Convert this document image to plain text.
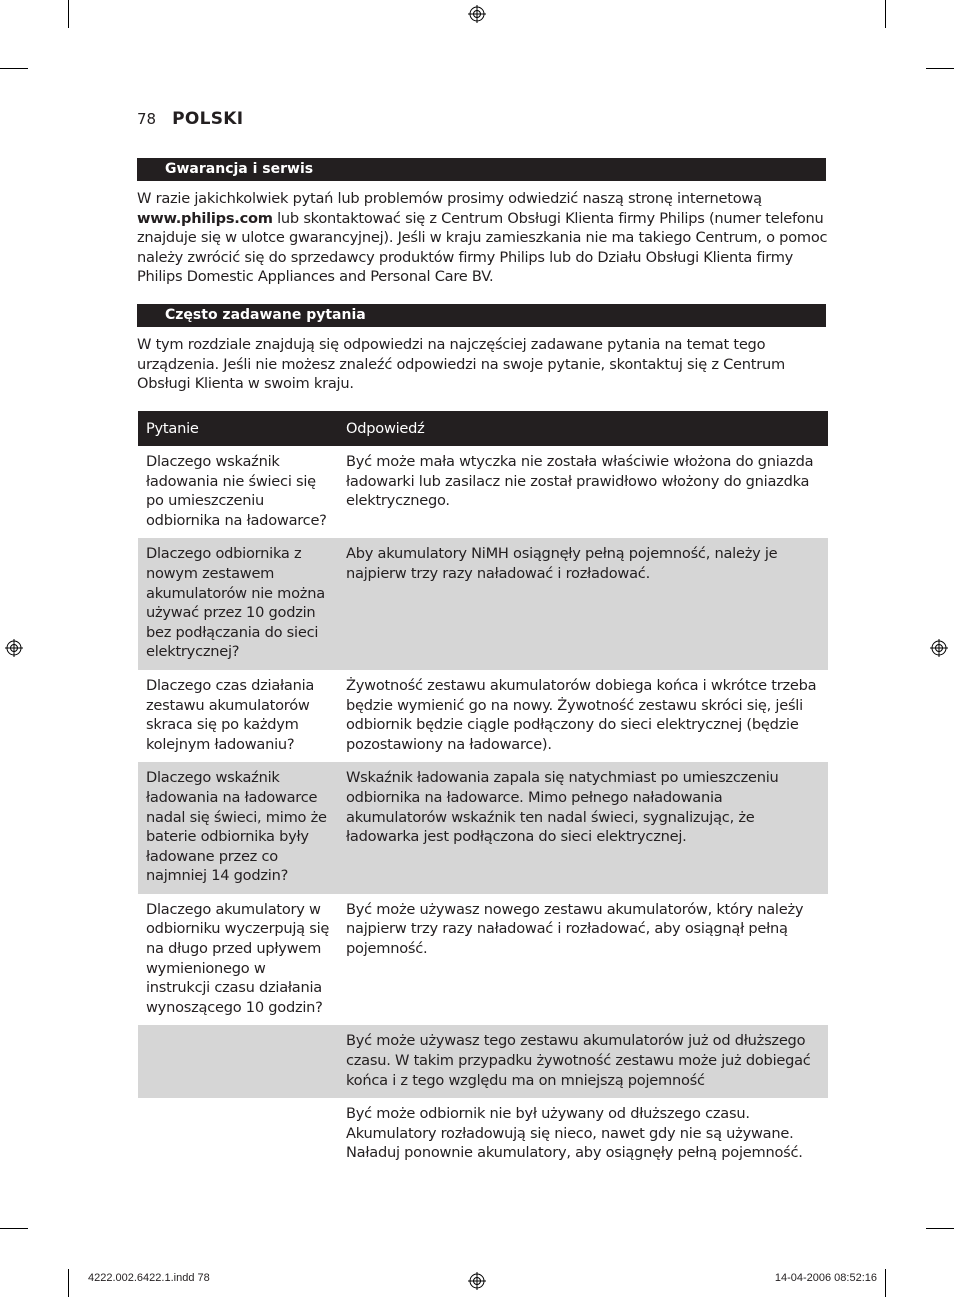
78 POLSKI
Gwarancja i serwis
W razie jakichkolwiek pytań lub problemów prosimy odwiedzić naszą stronę internetową
www.philips.com lub skontaktować się z Centrum Obsługi Klienta firmy Philips (numer telefonu znajduje się w ulotce gwarancyjnej). Jeśli w kraju zamieszkania nie ma takiego Centrum, o pomoc należy zwrócić się do sprzedawcy produktów firmy Philips lub do Działu Obsługi Klienta firmy Philips Domestic Appliances and Personal Care BV.
Często zadawane pytania
W tym rozdziale znajdują się odpowiedzi na najczęściej zadawane pytania na temat tego urządzenia. Jeśli nie możesz znaleźć odpowiedzi na swoje pytanie, skontaktuj się z Centrum Obsługi Klienta w swoim kraju.
Pytanie	Odpowiedź
Dlaczego wskaźnik ładowania nie świeci się po umieszczeniu odbiornika na ładowarce?	Być może mała wtyczka nie została właściwie włożona do gniazda ładowarki lub zasilacz nie został prawidłowo włożony do gniazdka elektrycznego.
Dlaczego odbiornika z nowym zestawem akumulatorów nie można używać przez 10 godzin bez podłączania do sieci elektrycznej?	Aby akumulatory NiMH osiągnęły pełną pojemność, należy je najpierw trzy razy naładować i rozładować.
Dlaczego czas działania zestawu akumulatorów skraca się po każdym kolejnym ładowaniu?	Żywotność zestawu akumulatorów dobiega końca i wkrótce trzeba będzie wymienić go na nowy. Żywotność zestawu skróci się, jeśli odbiornik będzie ciągle podłączony do sieci elektrycznej (będzie pozostawiony na ładowarce).
Dlaczego wskaźnik ładowania na ładowarce nadal się świeci, mimo że baterie odbiornika były ładowane przez co najmniej 14 godzin?	Wskaźnik ładowania zapala się natychmiast po umieszczeniu odbiornika na ładowarce. Mimo pełnego naładowania akumulatorów wskaźnik ten nadal świeci, sygnalizując, że ładowarka jest podłączona do sieci elektrycznej.
Dlaczego akumulatory w odbiorniku wyczerpują się na długo przed upływem wymienionego w instrukcji czasu działania wynoszącego 10 godzin?	Być może używasz nowego zestawu akumulatorów, który należy najpierw trzy razy naładować i rozładować, aby osiągnął pełną pojemność.
	Być może używasz tego zestawu akumulatorów już od dłuższego czasu. W takim przypadku żywotność zestawu może już dobiegać końca i z tego względu ma on mniejszą pojemność
	Być może odbiornik nie był używany od dłuższego czasu. Akumulatory rozładowują się nieco, nawet gdy nie są używane. Naładuj ponownie akumulatory, aby osiągnęły pełną pojemność.
4222.002.6422.1.indd 78	14-04-2006 08:52:16
